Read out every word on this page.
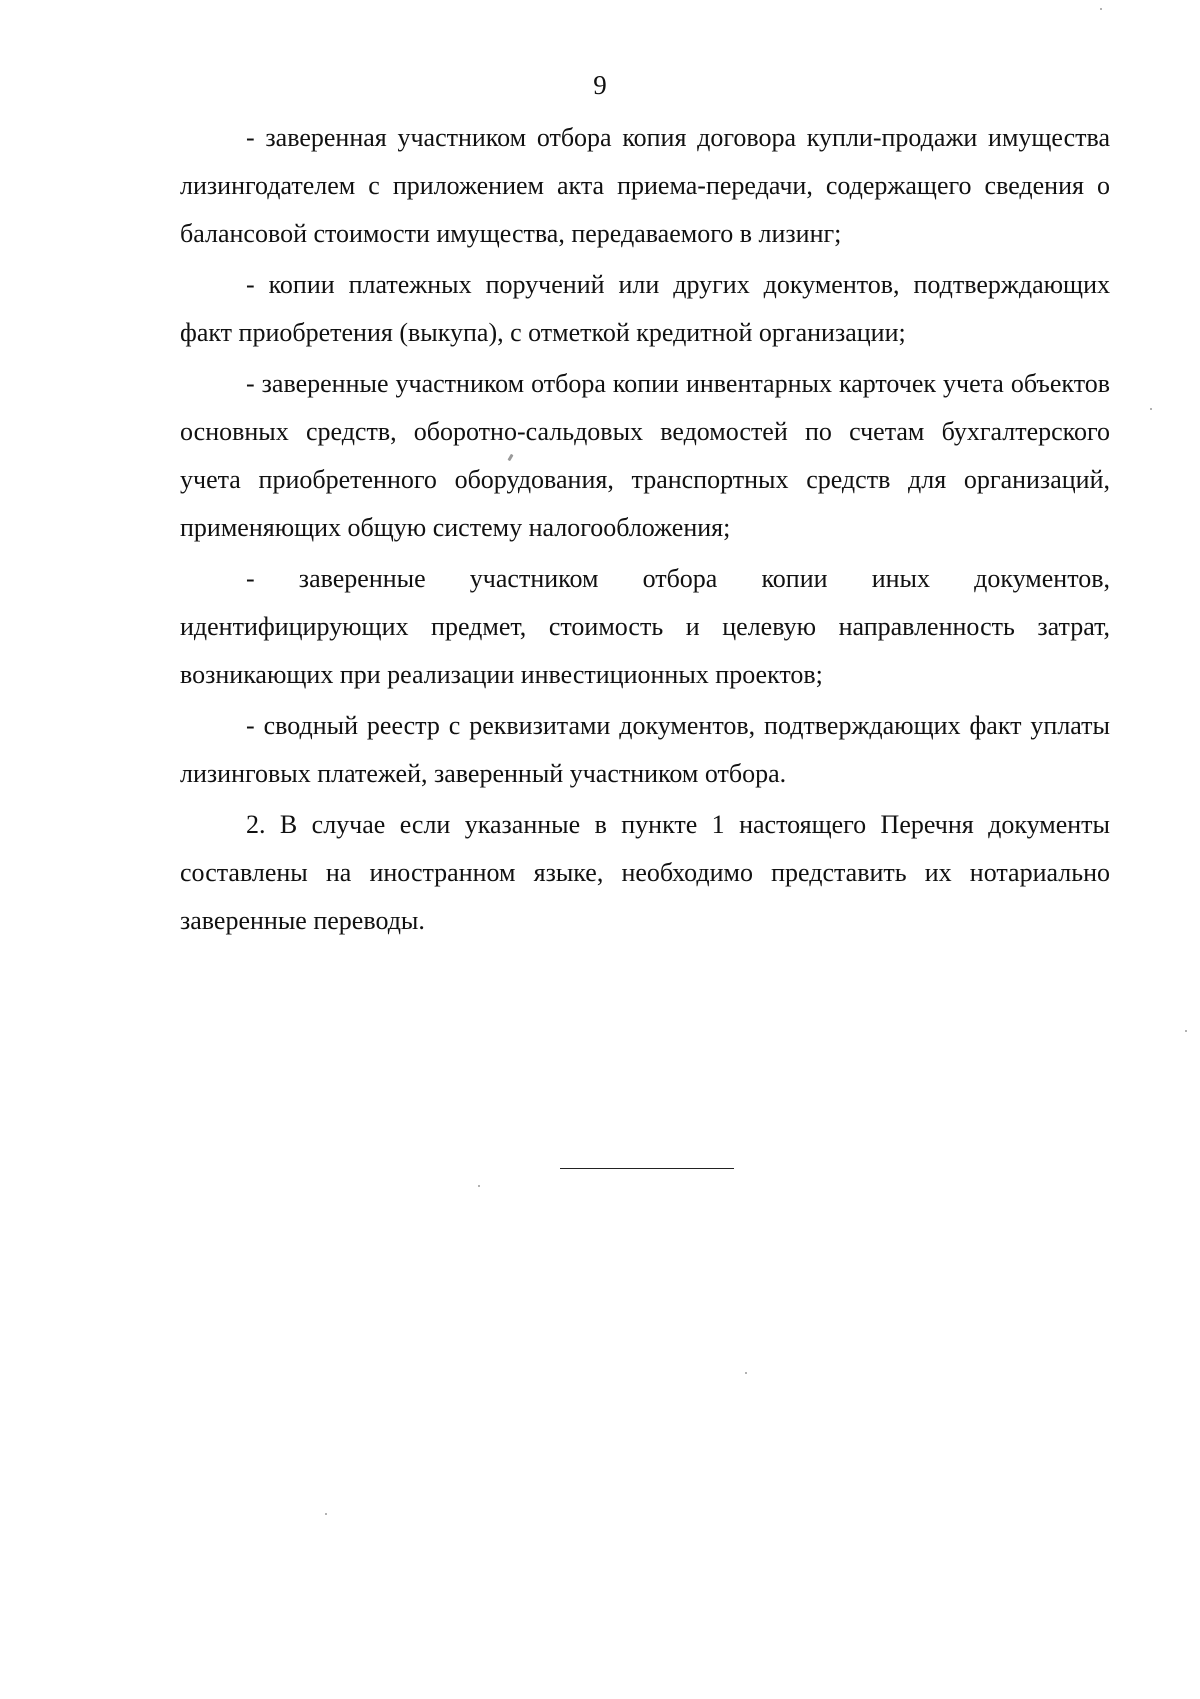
9

- заверенная участником отбора копия договора купли-продажи имущества лизингодателем с приложением акта приема-передачи, содержащего сведения о балансовой стоимости имущества, передаваемого в лизинг;

- копии платежных поручений или других документов, подтверждающих факт приобретения (выкупа), с отметкой кредитной организации;

- заверенные участником отбора копии инвентарных карточек учета объектов основных средств, оборотно-сальдовых ведомостей по счетам бухгалтерского учета приобретенного оборудования, транспортных средств для организаций, применяющих общую систему налогообложения;

- заверенные участником отбора копии иных документов, идентифицирующих предмет, стоимость и целевую направленность затрат, возникающих при реализации инвестиционных проектов;

- сводный реестр с реквизитами документов, подтверждающих факт уплаты лизинговых платежей, заверенный участником отбора.

2. В случае если указанные в пункте 1 настоящего Перечня документы составлены на иностранном языке, необходимо представить их нотариально заверенные переводы.
